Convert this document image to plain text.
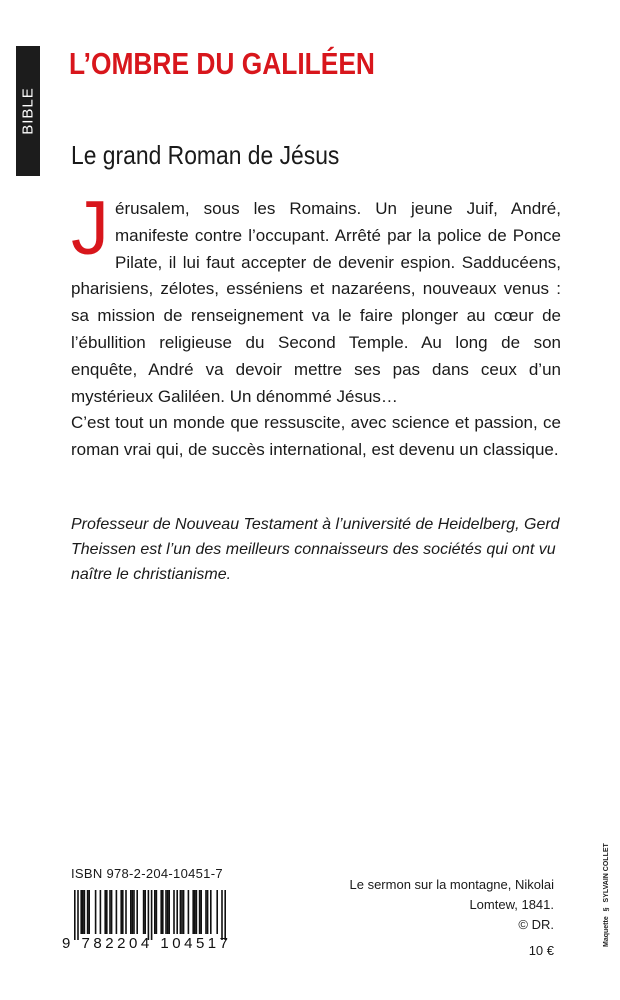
BIBLE
L’OMBRE DU GALILÉEN
Le grand Roman de Jésus

Jérusalem, sous les Romains. Un jeune Juif, André, manifeste contre l’occupant. Arrêté par la police de Ponce Pilate, il lui faut accepter de devenir espion. Sadducéens, pharisiens, zélotes, esséniens et nazaréens, nouveaux venus : sa mission de renseignement va le faire plonger au cœur de l’ébullition religieuse du Second Temple. Au long de son enquête, André va devoir mettre ses pas dans ceux d’un mystérieux Galiléen. Un dénommé Jésus…

C’est tout un monde que ressuscite, avec science et passion, ce roman vrai qui, de succès international, est devenu un classique.

Professeur de Nouveau Testament à l’université de Heidelberg, Gerd Theissen est l’un des meilleurs connaisseurs des sociétés qui ont vu naître le christianisme.

ISBN 978-2-204-10451-7
9 782204 104517
Le sermon sur la montagne, Nikolai
Lomtew, 1841.
© DR.
10 €
Maquette § SYLVAIN COLLET
